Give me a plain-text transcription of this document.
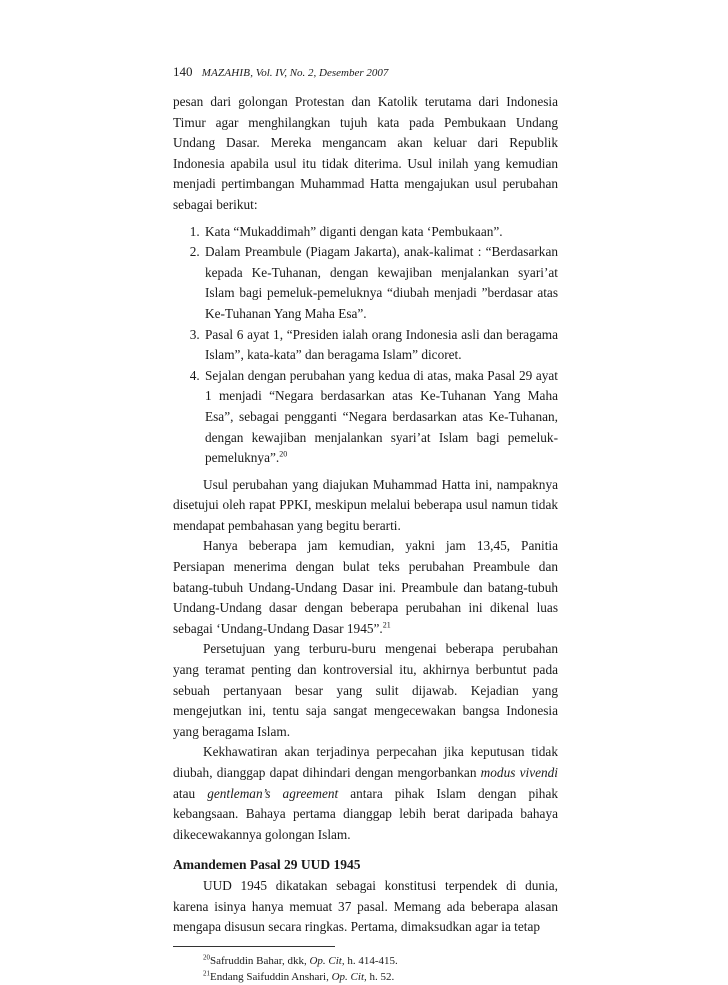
140 MAZAHIB, Vol. IV, No. 2, Desember 2007

pesan dari golongan Protestan dan Katolik terutama dari Indonesia Timur agar menghilangkan tujuh kata pada Pembukaan Undang Undang Dasar. Mereka mengancam akan keluar dari Republik Indonesia apabila usul itu tidak diterima. Usul inilah yang kemudian menjadi pertimbangan Muhammad Hatta mengajukan usul perubahan sebagai berikut:

1. Kata “Mukaddimah” diganti dengan kata ‘Pembukaan”.
2. Dalam Preambule (Piagam Jakarta), anak-kalimat : “Berdasarkan kepada Ke-Tuhanan, dengan kewajiban menjalankan syari’at Islam bagi pemeluk-pemeluknya “diubah menjadi ”berdasar atas Ke-Tuhanan Yang Maha Esa”.
3. Pasal 6 ayat 1, “Presiden ialah orang Indonesia asli dan beragama Islam”, kata-kata” dan beragama Islam” dicoret.
4. Sejalan dengan perubahan yang kedua di atas, maka Pasal 29 ayat 1 menjadi “Negara berdasarkan atas Ke-Tuhanan Yang Maha Esa”, sebagai pengganti “Negara berdasarkan atas Ke-Tuhanan, dengan kewajiban menjalankan syari’at Islam bagi pemeluk-pemeluknya”.$^{20}$

Usul perubahan yang diajukan Muhammad Hatta ini, nampaknya disetujui oleh rapat PPKI, meskipun melalui beberapa usul namun tidak mendapat pembahasan yang begitu berarti.

Hanya beberapa jam kemudian, yakni jam 13,45, Panitia Persiapan menerima dengan bulat teks perubahan Preambule dan batang-tubuh Undang-Undang Dasar ini. Preambule dan batang-tubuh Undang-Undang dasar dengan beberapa perubahan ini dikenal luas sebagai ‘Undang-Undang Dasar 1945”.$^{21}$

Persetujuan yang terburu-buru mengenai beberapa perubahan yang teramat penting dan kontroversial itu, akhirnya berbuntut pada sebuah pertanyaan besar yang sulit dijawab. Kejadian yang mengejutkan ini, tentu saja sangat mengecewakan bangsa Indonesia yang beragama Islam.

Kekhawatiran akan terjadinya perpecahan jika keputusan tidak diubah, dianggap dapat dihindari dengan mengorbankan modus vivendi atau gentleman’s agreement antara pihak Islam dengan pihak kebangsaan. Bahaya pertama dianggap lebih berat daripada bahaya dikecewakannya golongan Islam.

Amandemen Pasal 29 UUD 1945

UUD 1945 dikatakan sebagai konstitusi terpendek di dunia, karena isinya hanya memuat 37 pasal. Memang ada beberapa alasan mengapa disusun secara ringkas. Pertama, dimaksudkan agar ia tetap

$^{20}$Safruddin Bahar, dkk, Op. Cit, h. 414-415.
$^{21}$Endang Saifuddin Anshari, Op. Cit, h. 52.
